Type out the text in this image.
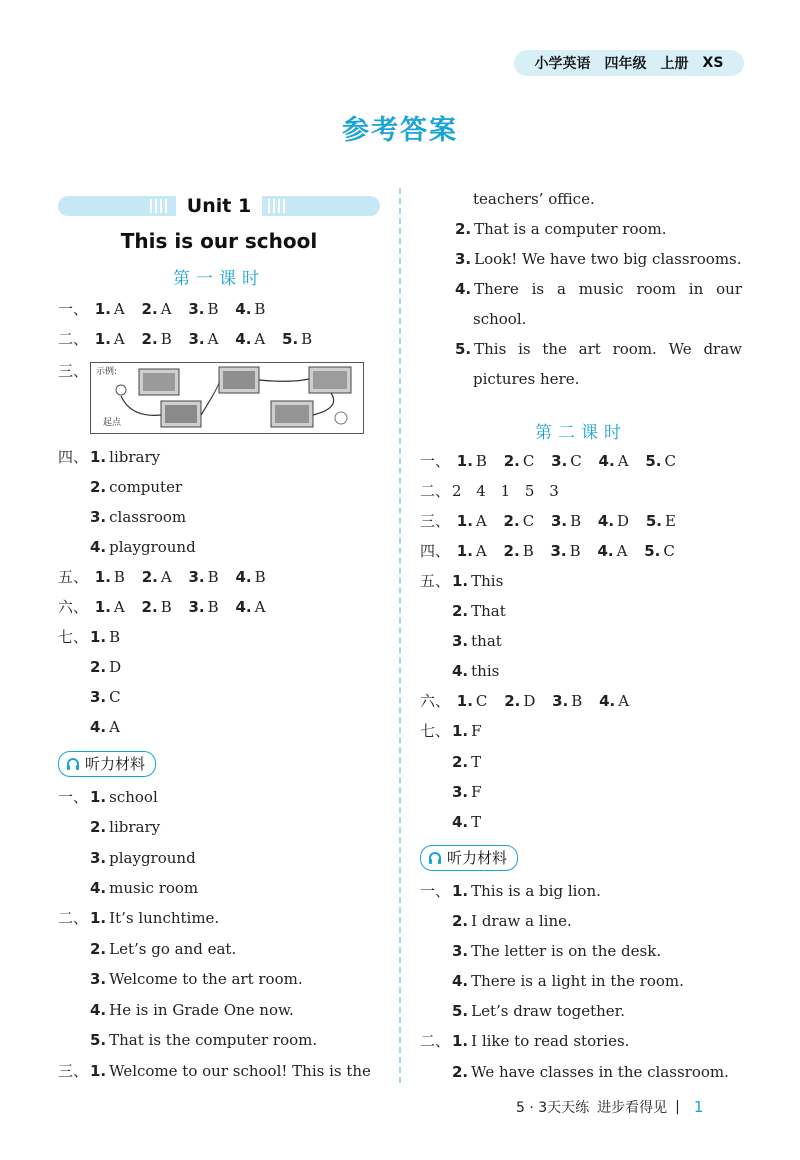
小学英语 四年级 上册 XS
参考答案
Unit 1
This is our school
第一课时
一、 1. A 2. A 3. B 4. B
二、 1. A 2. B 3. A 4. A 5. B
三、 示例:
起点
四、 1. library
2. computer
3. classroom
4. playground
五、 1. B 2. A 3. B 4. B
六、 1. A 2. B 3. B 4. A
七、 1. B
2. D
3. C
4. A
听力材料
一、 1. school
2. library
3. playground
4. music room
二、 1. It’s lunchtime.
2. Let’s go and eat.
3. Welcome to the art room.
4. He is in Grade One now.
5. That is the computer room.
三、 1. Welcome to our school! This is the
teachers’ office.
2. That is a computer room.
3. Look! We have two big classrooms.
4. There is a music room in our
school.
5. This is the art room. We draw
pictures here.
第二课时
一、 1. B 2. C 3. C 4. A 5. C
二、 2 4 1 5 3
三、 1. A 2. C 3. B 4. D 5. E
四、 1. A 2. B 3. B 4. A 5. C
五、 1. This
2. That
3. that
4. this
六、 1. C 2. D 3. B 4. A
七、 1. F
2. T
3. F
4. T
听力材料
一、 1. This is a big lion.
2. I draw a line.
3. The letter is on the desk.
4. There is a light in the room.
5. Let’s draw together.
二、 1. I like to read stories.
2. We have classes in the classroom.
5 · 3天天练 进步看得见 | 1
